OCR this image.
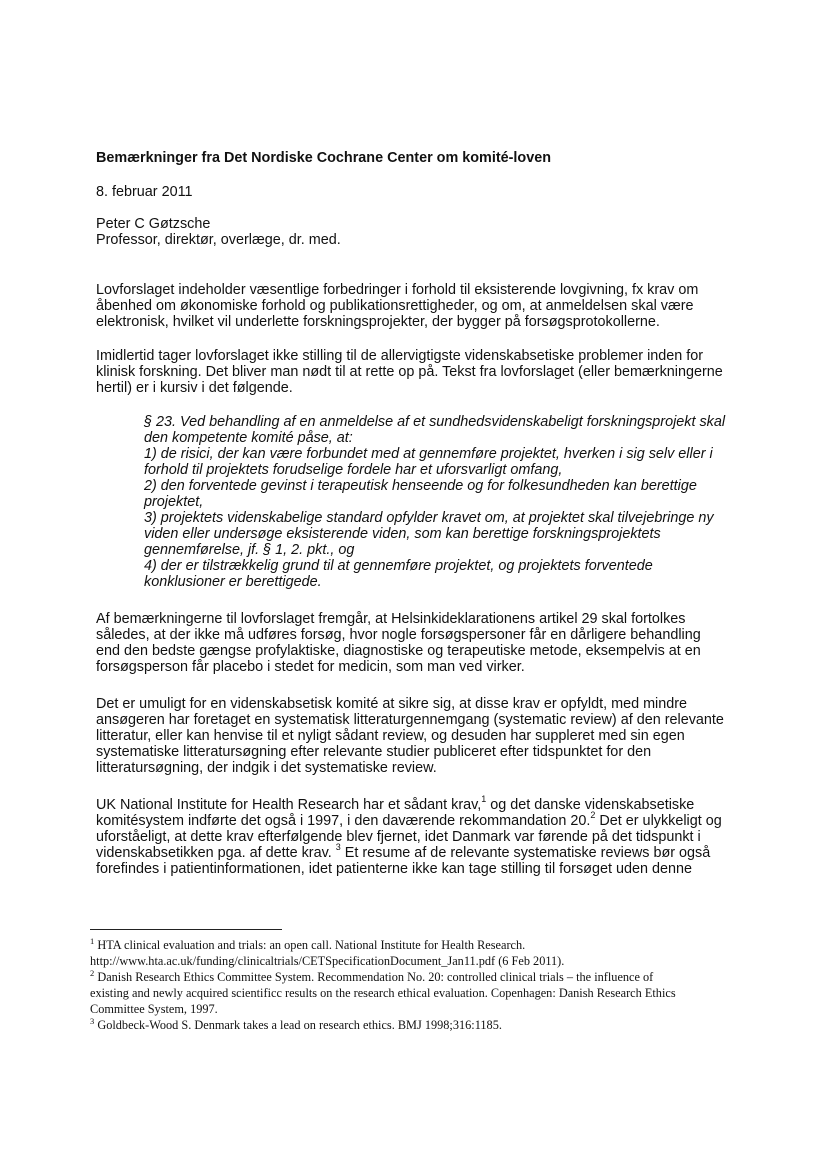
Bemærkninger fra Det Nordiske Cochrane Center om komité-loven
8. februar 2011
Peter C Gøtzsche
Professor, direktør, overlæge, dr. med.
Lovforslaget indeholder væsentlige forbedringer i forhold til eksisterende lovgivning, fx krav om
åbenhed om økonomiske forhold og publikationsrettigheder, og om, at anmeldelsen skal være
elektronisk, hvilket vil underlette forskningsprojekter, der bygger på forsøgsprotokollerne.
Imidlertid tager lovforslaget ikke stilling til de allervigtigste videnskabsetiske problemer inden for
klinisk forskning. Det bliver man nødt til at rette op på. Tekst fra lovforslaget (eller bemærkningerne
hertil) er i kursiv i det følgende.
§ 23. Ved behandling af en anmeldelse af et sundhedsvidenskabeligt forskningsprojekt skal
den kompetente komité påse, at:
1) de risici, der kan være forbundet med at gennemføre projektet, hverken i sig selv eller i
forhold til projektets forudselige fordele har et uforsvarligt omfang,
2) den forventede gevinst i terapeutisk henseende og for folkesundheden kan berettige
projektet,
3) projektets videnskabelige standard opfylder kravet om, at projektet skal tilvejebringe ny
viden eller undersøge eksisterende viden, som kan berettige forskningsprojektets
gennemførelse, jf. § 1, 2. pkt., og
4) der er tilstrækkelig grund til at gennemføre projektet, og projektets forventede
konklusioner er berettigede.
Af bemærkningerne til lovforslaget fremgår, at Helsinkideklarationens artikel 29 skal fortolkes
således, at der ikke må udføres forsøg, hvor nogle forsøgspersoner får en dårligere behandling
end den bedste gængse profylaktiske, diagnostiske og terapeutiske metode, eksempelvis at en
forsøgsperson får placebo i stedet for medicin, som man ved virker.
Det er umuligt for en videnskabsetisk komité at sikre sig, at disse krav er opfyldt, med mindre
ansøgeren har foretaget en systematisk litteraturgennemgang (systematic review) af den relevante
litteratur, eller kan henvise til et nyligt sådant review, og desuden har suppleret med sin egen
systematiske litteratursøgning efter relevante studier publiceret efter tidspunktet for den
litteratursøgning, der indgik i det systematiske review.
UK National Institute for Health Research har et sådant krav,$^1$ og det danske videnskabsetiske
komitésystem indførte det også i 1997, i den daværende rekommandation 20.$^2$ Det er ulykkeligt og
uforståeligt, at dette krav efterfølgende blev fjernet, idet Danmark var førende på det tidspunkt i
videnskabsetikken pga. af dette krav. $^3$ Et resume af de relevante systematiske reviews bør også
forefindes i patientinformationen, idet patienterne ikke kan tage stilling til forsøget uden denne
$^1$ HTA clinical evaluation and trials: an open call. National Institute for Health Research.
http://www.hta.ac.uk/funding/clinicaltrials/CETSpecificationDocument_Jan11.pdf (6 Feb 2011).
$^2$ Danish Research Ethics Committee System. Recommendation No. 20: controlled clinical trials – the influence of
existing and newly acquired scientificc results on the research ethical evaluation. Copenhagen: Danish Research Ethics
Committee System, 1997.
$^3$ Goldbeck-Wood S. Denmark takes a lead on research ethics. BMJ 1998;316:1185.
